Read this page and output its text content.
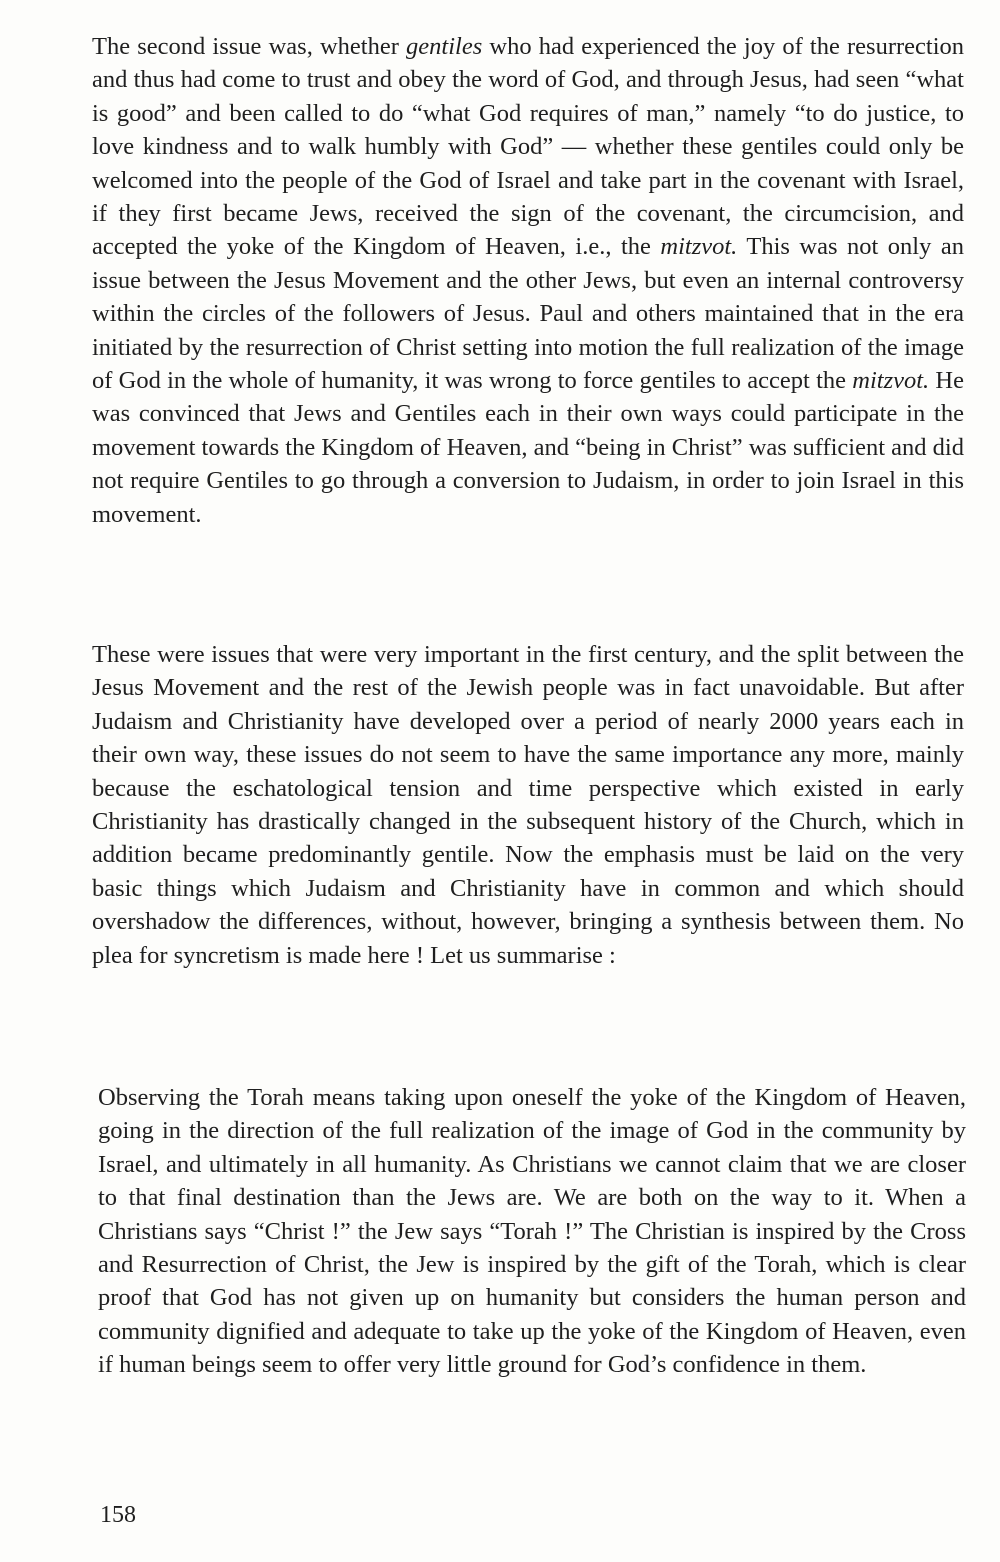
The second issue was, whether gentiles who had experienced the joy of the resurrection and thus had come to trust and obey the word of God, and through Jesus, had seen “what is good” and been called to do “what God requires of man,” namely “to do justice, to love kindness and to walk humbly with God” — whether these gentiles could only be welcomed into the people of the God of Israel and take part in the covenant with Israel, if they first became Jews, received the sign of the covenant, the circumcision, and accepted the yoke of the Kingdom of Heaven, i.e., the mitzvot. This was not only an issue between the Jesus Movement and the other Jews, but even an internal controversy within the circles of the followers of Jesus. Paul and others maintained that in the era initiated by the resurrection of Christ setting into motion the full realization of the image of God in the whole of humanity, it was wrong to force gentiles to accept the mitzvot. He was convinced that Jews and Gentiles each in their own ways could participate in the movement towards the Kingdom of Heaven, and “being in Christ” was sufficient and did not require Gentiles to go through a conversion to Judaism, in order to join Israel in this movement.

These were issues that were very important in the first century, and the split between the Jesus Movement and the rest of the Jewish people was in fact unavoidable. But after Judaism and Christianity have developed over a period of nearly 2000 years each in their own way, these issues do not seem to have the same importance any more, mainly because the eschatological tension and time perspective which existed in early Christianity has drastically changed in the subsequent history of the Church, which in addition became predominantly gentile. Now the emphasis must be laid on the very basic things which Judaism and Christianity have in common and which should overshadow the differences, without, however, bringing a synthesis between them. No plea for syncretism is made here ! Let us summarise :

Observing the Torah means taking upon oneself the yoke of the Kingdom of Heaven, going in the direction of the full realization of the image of God in the community by Israel, and ultimately in all humanity. As Christians we cannot claim that we are closer to that final destination than the Jews are. We are both on the way to it. When a Christians says “Christ !” the Jew says “Torah !” The Christian is inspired by the Cross and Resurrection of Christ, the Jew is inspired by the gift of the Torah, which is clear proof that God has not given up on humanity but considers the human person and community dignified and adequate to take up the yoke of the Kingdom of Heaven, even if human beings seem to offer very little ground for God’s confidence in them.

158
